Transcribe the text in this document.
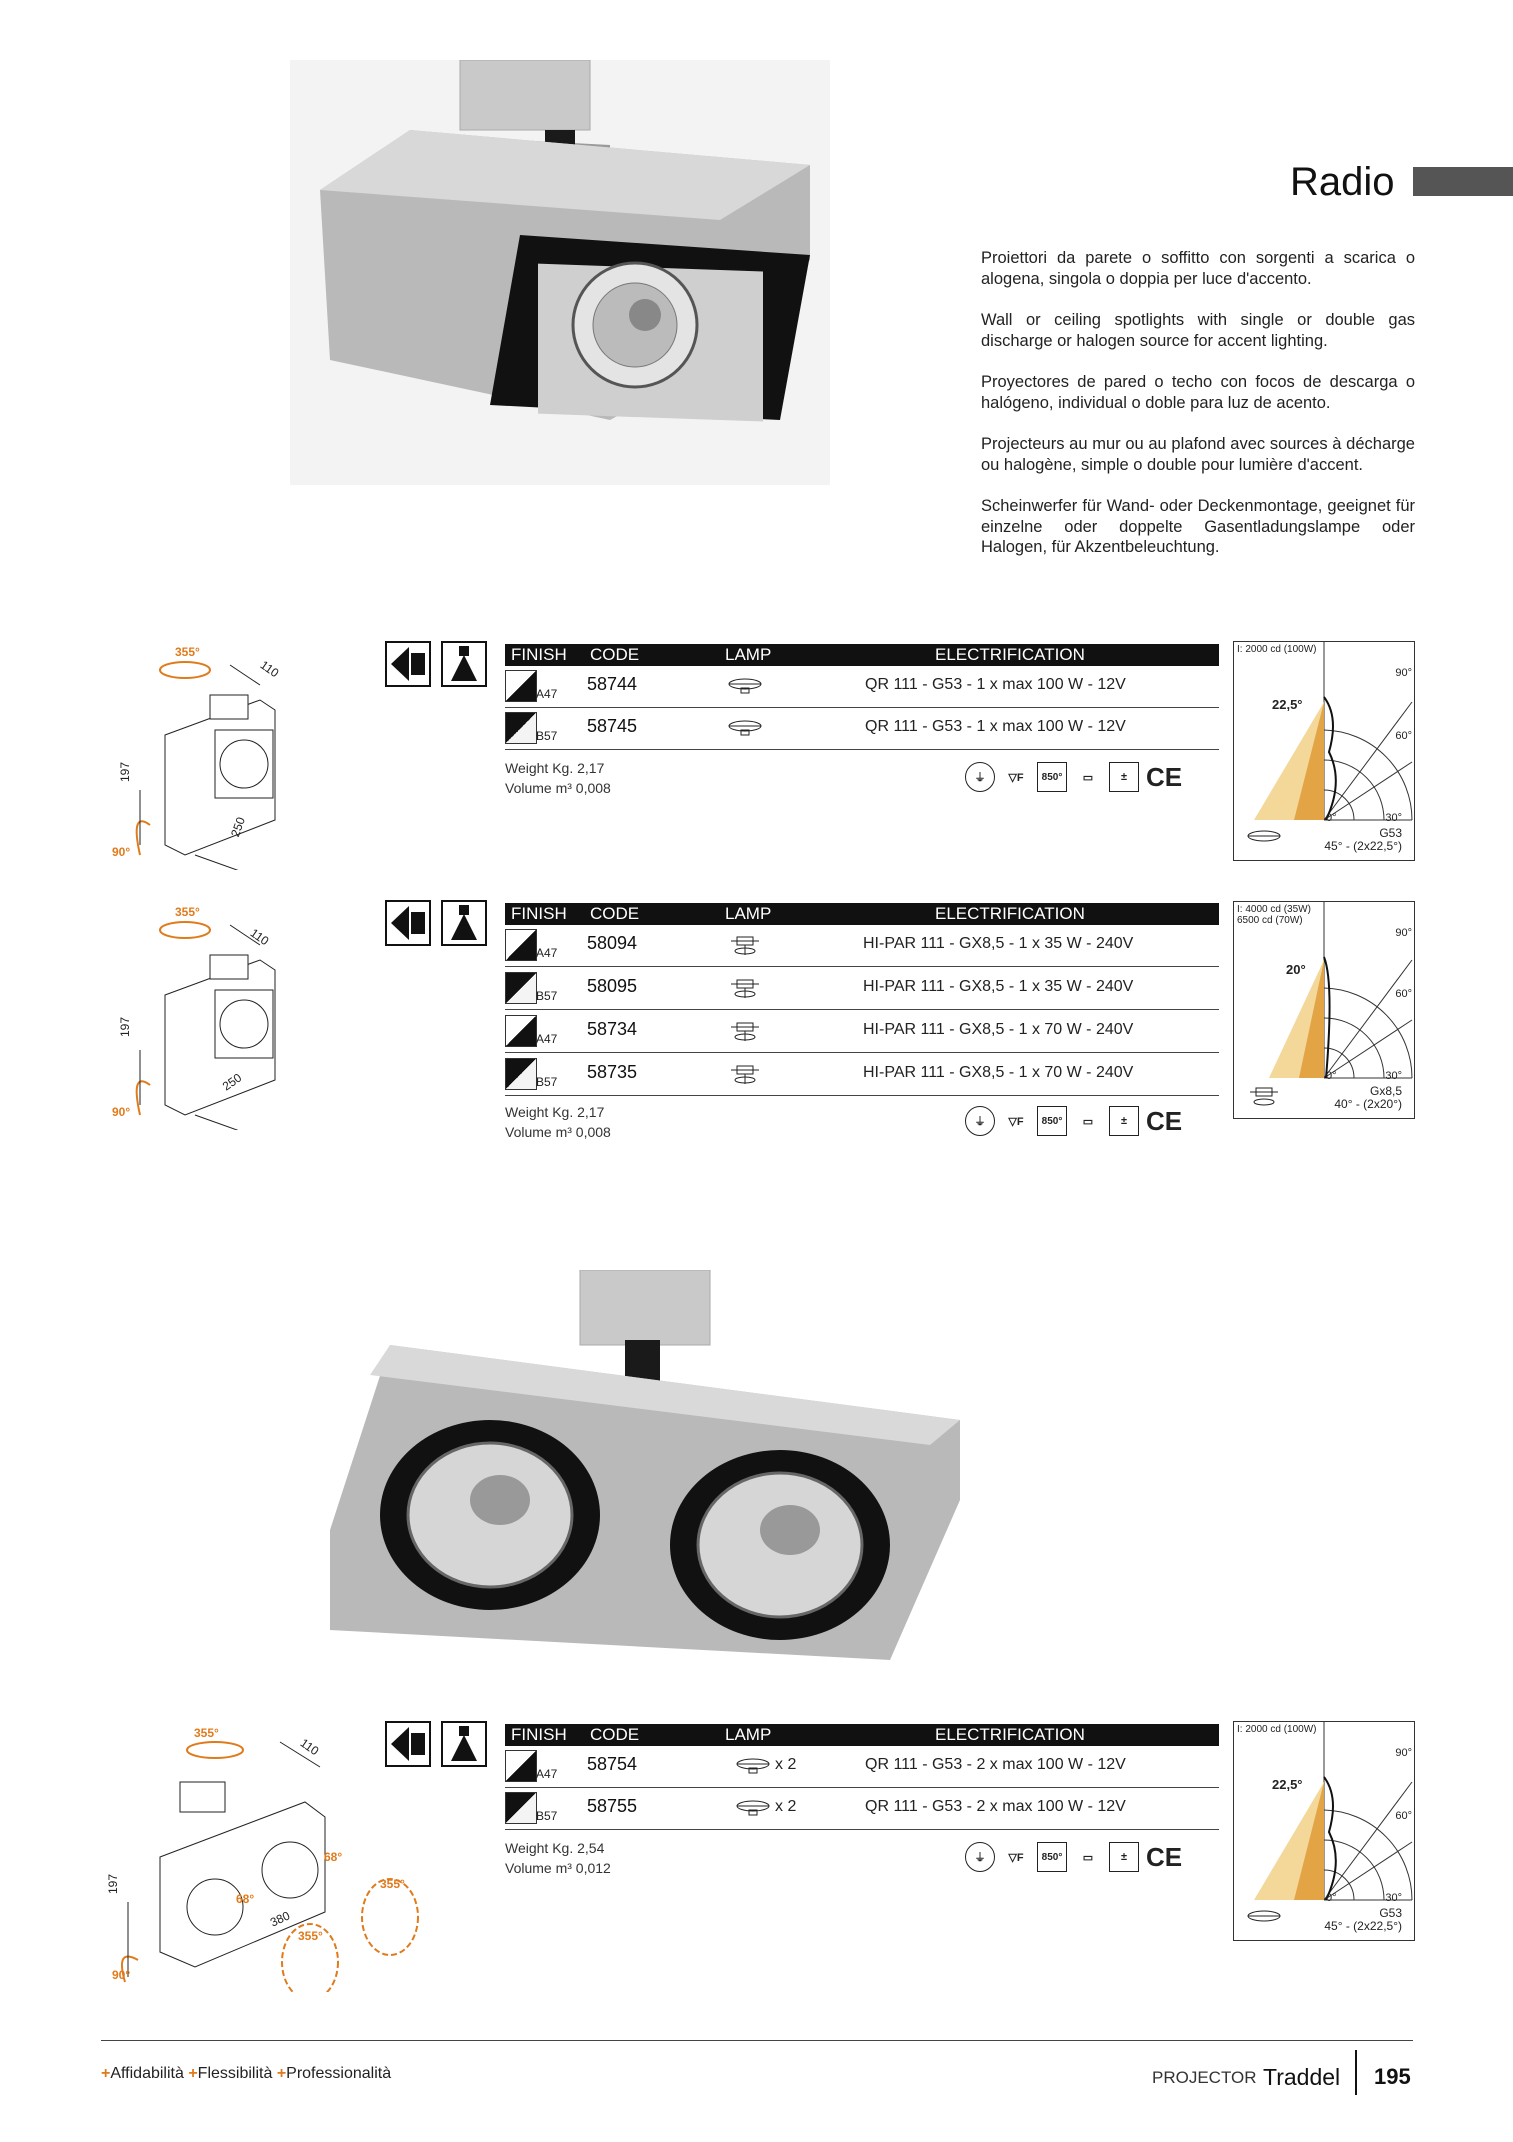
Radio

Proiettori da parete o soffitto con sorgenti a scarica o alogena, singola o doppia per luce d'accento.

Wall or ceiling spotlights with single or double gas discharge or halogen source for accent lighting.

Proyectores de pared o techo con focos de descarga o halógeno, individual o doble para luz de acento.

Projecteurs au mur ou au plafond avec sources à décharge ou halogène, simple o double pour lumière d'accent.

Scheinwerfer für Wand- oder Deckenmontage, geeignet für einzelne oder doppelte Gasentladungslampe oder Halogen, für Akzentbeleuchtung.

355°
110
197
250
90°
FINISH CODE	LAMP	ELECTRIFICATION
A47 58744	QR 111 - G53 - 1 x max 100 W - 12V
B57 58745	QR 111 - G53 - 1 x max 100 W - 12V
Weight Kg. 2,17
Volume m³ 0,008
⏚	▽F	850°	▭	± CE
I: 2000 cd (100W)
22,5°
90°
60°
30°
0°
G53
45° - (2x22,5°)
355°
110
197
250
90°
FINISH CODE	LAMP	ELECTRIFICATION
A47 58094	HI-PAR 111 - GX8,5 - 1 x 35 W - 240V
B57 58095	HI-PAR 111 - GX8,5 - 1 x 35 W - 240V
A47 58734	HI-PAR 111 - GX8,5 - 1 x 70 W - 240V
B57 58735	HI-PAR 111 - GX8,5 - 1 x 70 W - 240V
Weight Kg. 2,17
Volume m³ 0,008
⏚	▽F	850°	▭	± CE
I: 4000 cd (35W)
6500 cd (70W)
20°
90°
60°
30°
0°
Gx8,5
40° - (2x20°)
355°
110
197
380
90°
68°
68°
355°
355°
FINISH CODE	LAMP	ELECTRIFICATION
A47 58754	x 2	QR 111 - G53 - 2 x max 100 W - 12V
B57 58755	x 2	QR 111 - G53 - 2 x max 100 W - 12V
Weight Kg. 2,54
Volume m³ 0,012
⏚	▽F	850°	▭	± CE
I: 2000 cd (100W)
22,5°
90°
60°
30°
0°
G53
45° - (2x22,5°)
+Affidabilità +Flessibilità +Professionalità	PROJECTOR Traddel 195
